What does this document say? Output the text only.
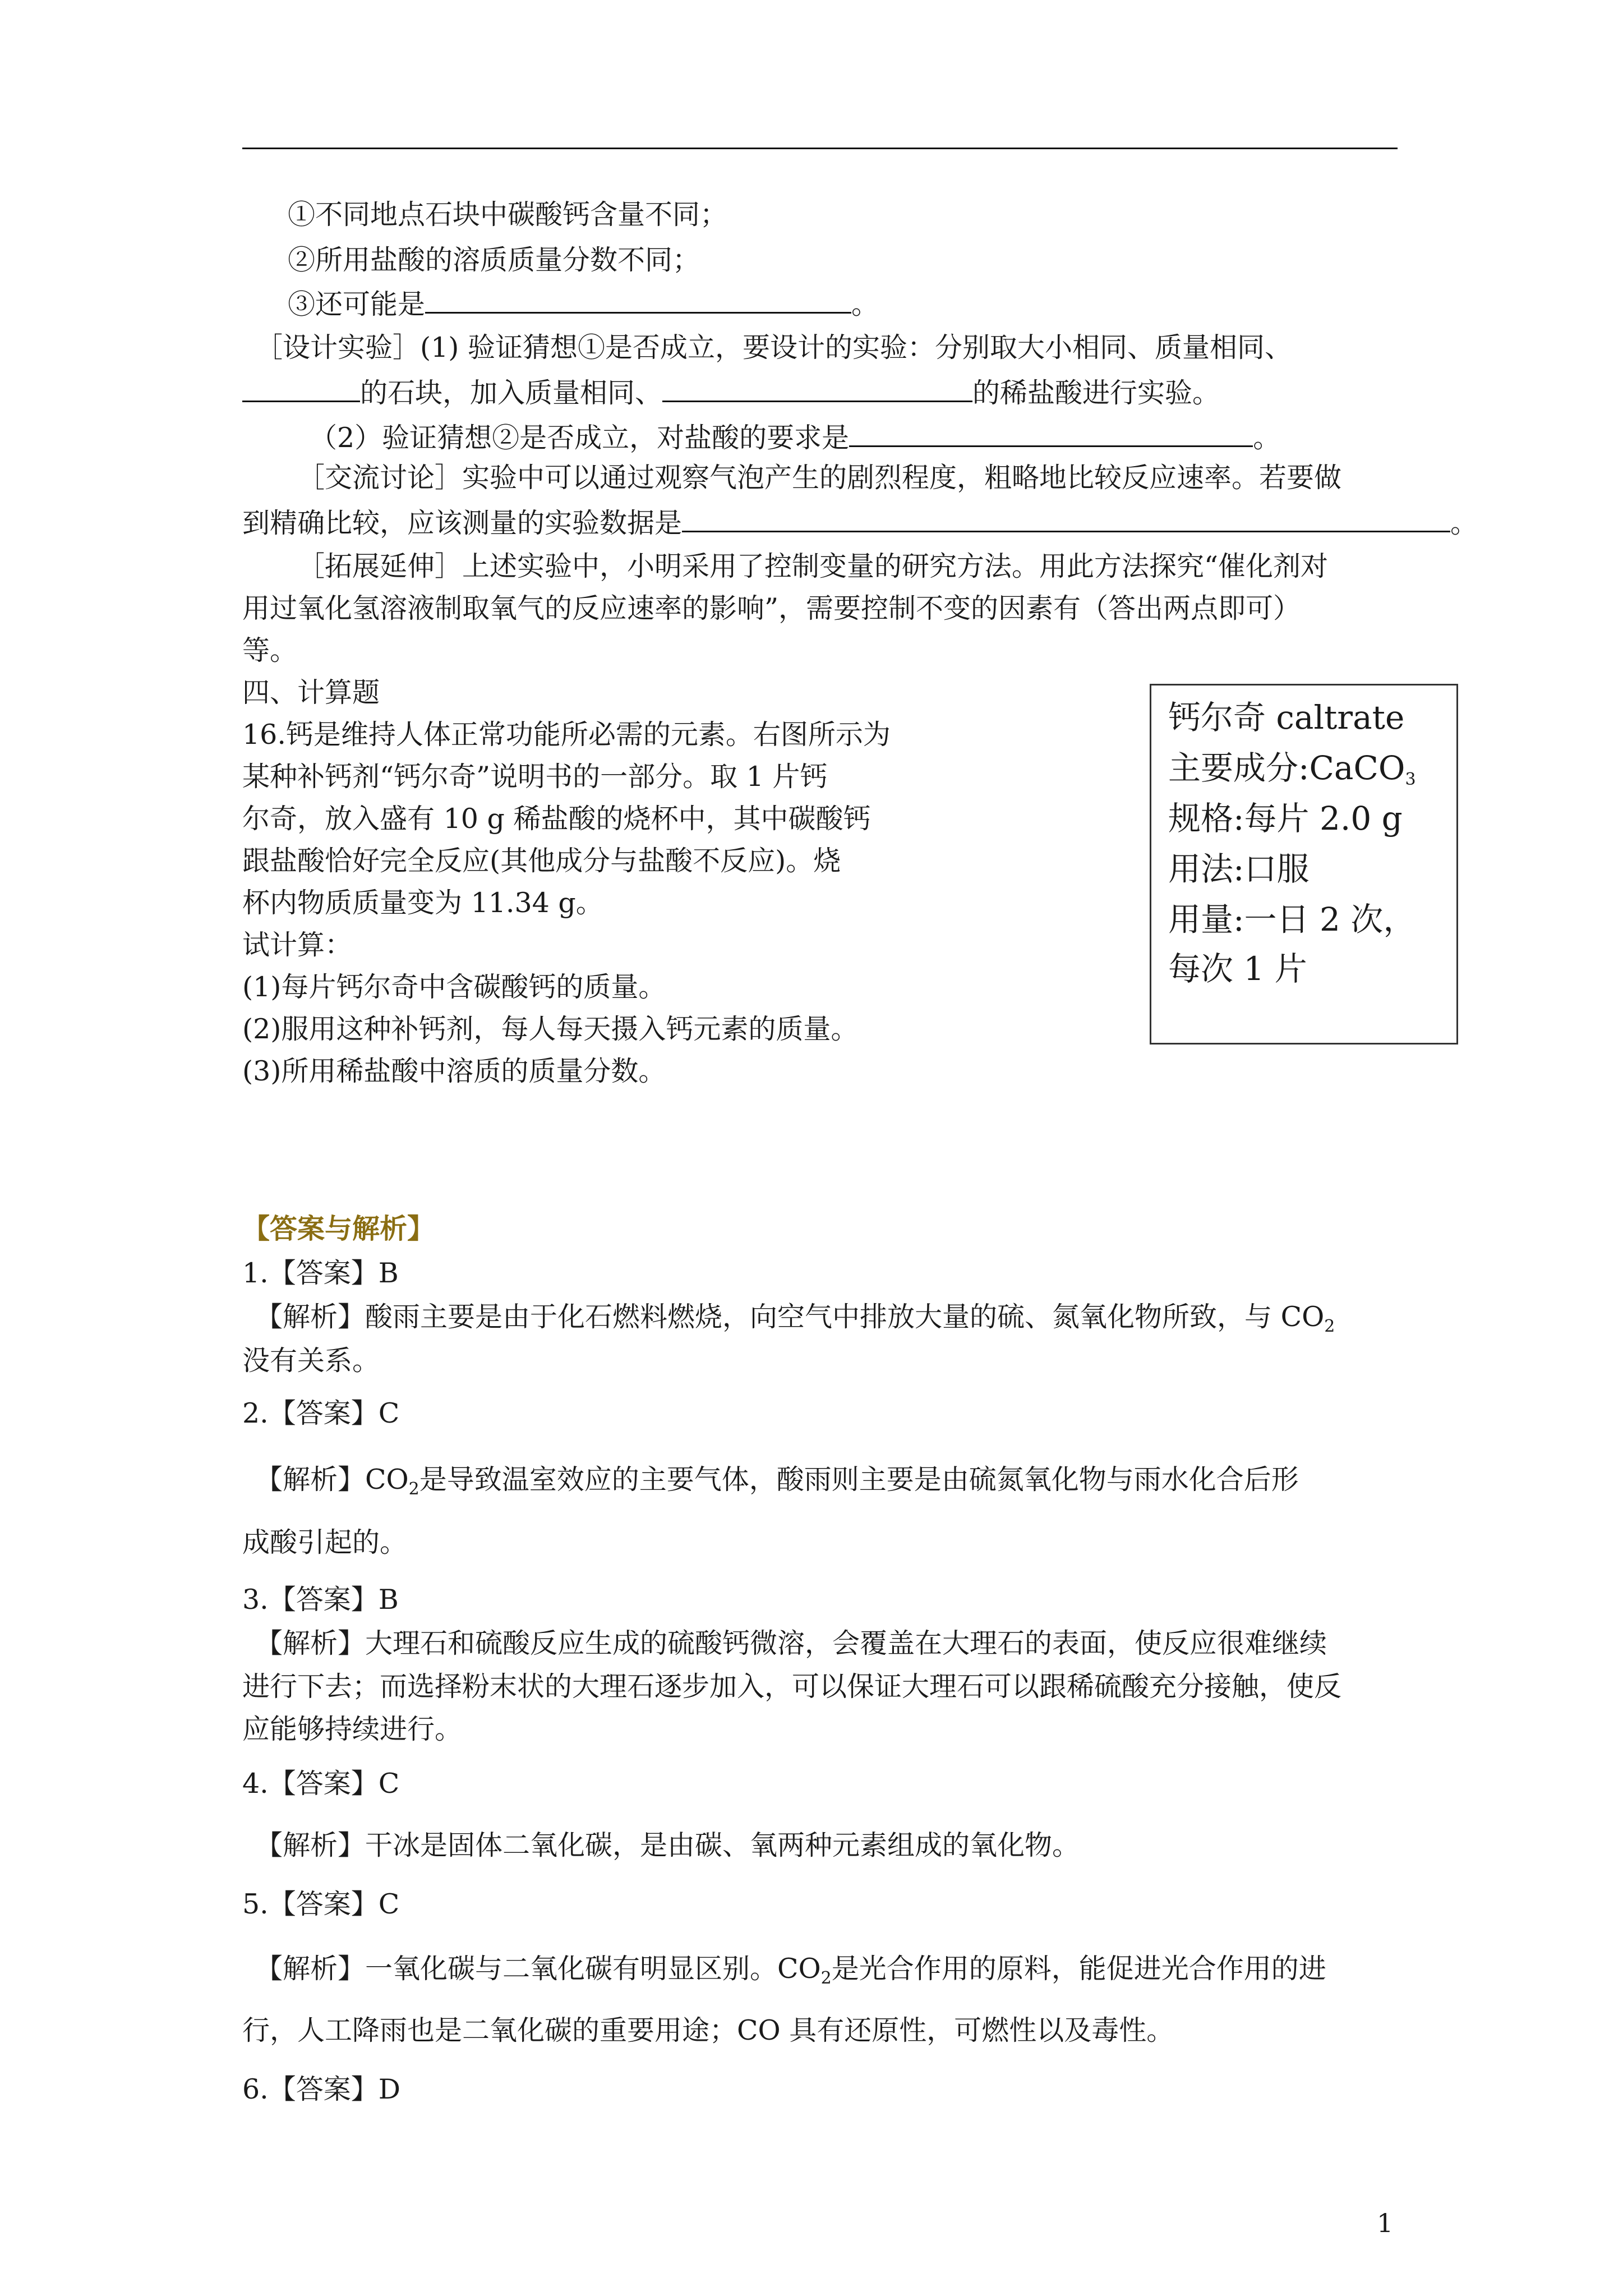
①不同地点石块中碳酸钙含量不同；
②所用盐酸的溶质质量分数不同；
③还可能是	。
［设计实验］(1) 验证猜想①是否成立，要设计的实验：分别取大小相同、质量相同、
的石块，加入质量相同、	的稀盐酸进行实验。
（2）验证猜想②是否成立，对盐酸的要求是	。
［交流讨论］实验中可以通过观察气泡产生的剧烈程度，粗略地比较反应速率。若要做
到精确比较，应该测量的实验数据是	。
［拓展延伸］上述实验中，小明采用了控制变量的研究方法。用此方法探究“催化剂对
用过氧化氢溶液制取氧气的反应速率的影响”，需要控制不变的因素有（答出两点即可）
等。
四、计算题
16.钙是维持人体正常功能所必需的元素。右图所示为
某种补钙剂“钙尔奇”说明书的一部分。取 1 片钙
尔奇，放入盛有 10 g 稀盐酸的烧杯中，其中碳酸钙
跟盐酸恰好完全反应(其他成分与盐酸不反应)。烧
杯内物质质量变为 11.34 g。
试计算：
(1)每片钙尔奇中含碳酸钙的质量。
(2)服用这种补钙剂，每人每天摄入钙元素的质量。
(3)所用稀盐酸中溶质的质量分数。
钙尔奇 caltrate
主要成分:CaCO$_3$
规格:每片 2.0 g
用法:口服
用量:一日 2 次，
每次 1 片
【答案与解析】
1.【答案】B
【解析】酸雨主要是由于化石燃料燃烧，向空气中排放大量的硫、氮氧化物所致，与 $CO_2$
没有关系。
2.【答案】C
【解析】$CO_2$是导致温室效应的主要气体，酸雨则主要是由硫氮氧化物与雨水化合后形
成酸引起的。
3.【答案】B
【解析】大理石和硫酸反应生成的硫酸钙微溶，会覆盖在大理石的表面，使反应很难继续
进行下去；而选择粉末状的大理石逐步加入，可以保证大理石可以跟稀硫酸充分接触，使反
应能够持续进行。
4.【答案】C
【解析】干冰是固体二氧化碳，是由碳、氧两种元素组成的氧化物。
5.【答案】C
【解析】一氧化碳与二氧化碳有明显区别。$CO_2$是光合作用的原料，能促进光合作用的进
行，人工降雨也是二氧化碳的重要用途；CO 具有还原性，可燃性以及毒性。
6.【答案】D
1
